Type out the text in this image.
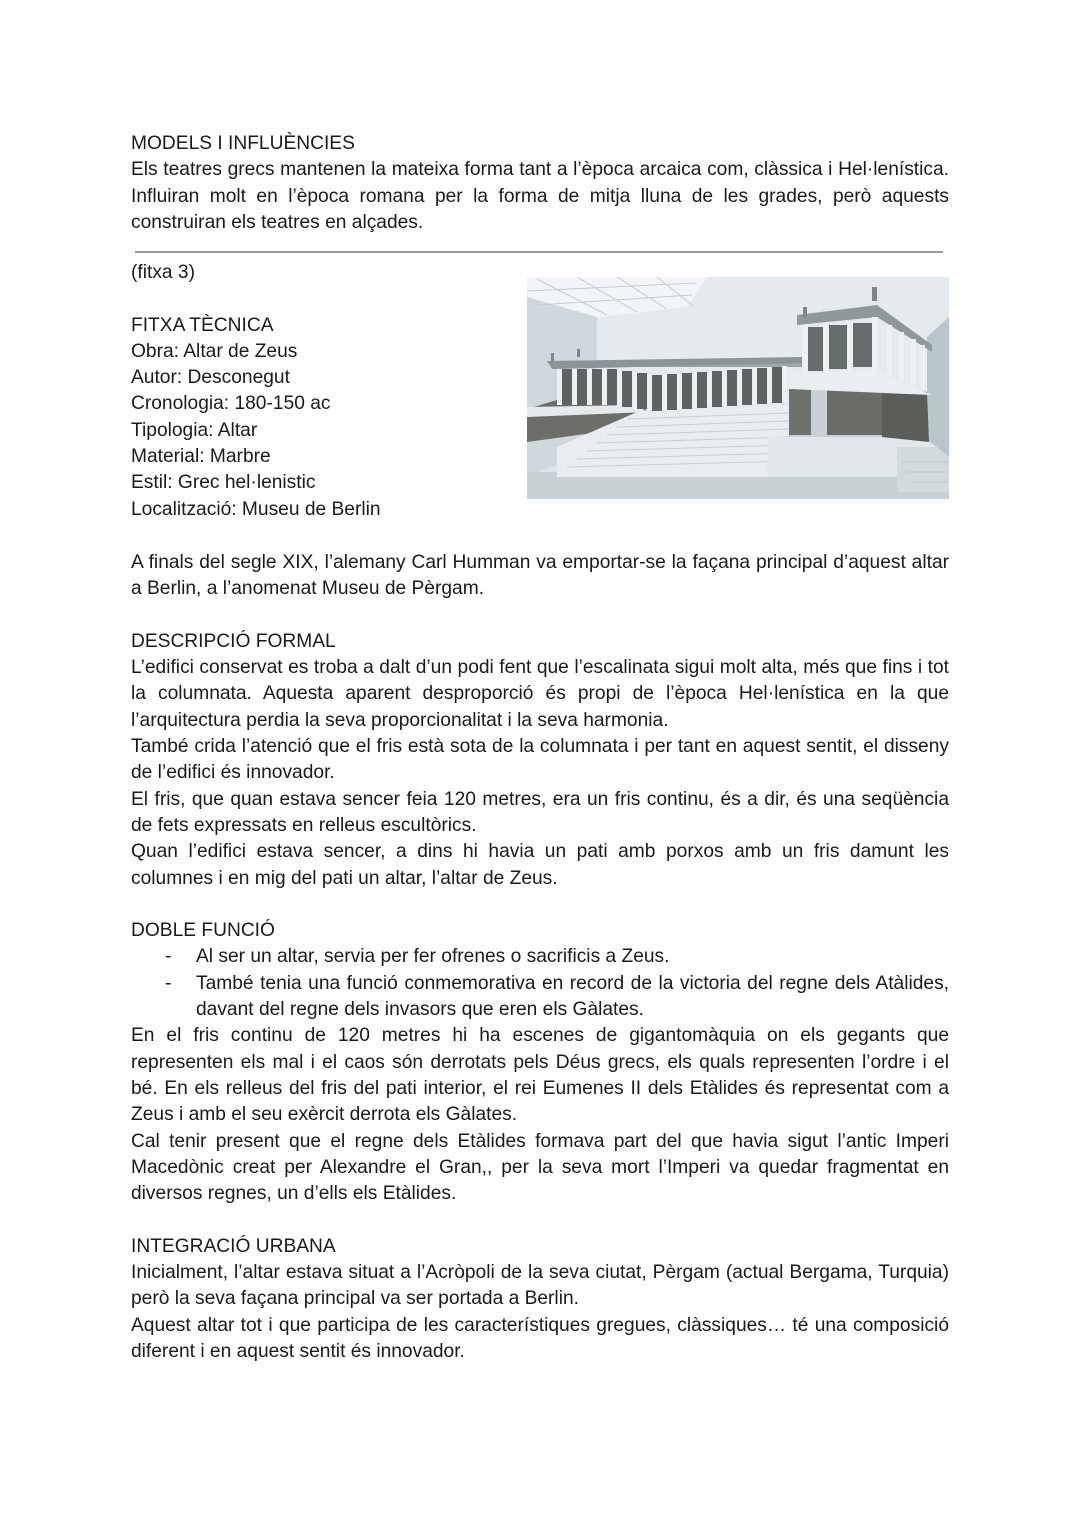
MODELS I INFLUÈNCIES

Els teatres grecs mantenen la mateixa forma tant a l’època arcaica com, clàssica i Hel·lenística. Influiran molt en l’època romana per la forma de mitja lluna de les grades, però aquests construiran els teatres en alçades.

(fitxa 3)

FITXA TÈCNICA

Obra: Altar de Zeus

Autor: Desconegut

Cronologia: 180-150 ac

Tipologia: Altar

Material: Marbre

Estil: Grec hel·lenistic

Localització: Museu de Berlin

A finals del segle XIX, l’alemany Carl Humman va emportar-se la façana principal d’aquest altar a Berlin, a l’anomenat Museu de Pèrgam.

DESCRIPCIÓ FORMAL

L’edifici conservat es troba a dalt d’un podi fent que l’escalinata sigui molt alta, més que fins i tot la columnata. Aquesta aparent desproporció és propi de l’època Hel·lenística en la que l’arquitectura perdia la seva proporcionalitat i la seva harmonia.

També crida l’atenció que el fris està sota de la columnata i per tant en aquest sentit, el disseny de l’edifici és innovador.

El fris, que quan estava sencer feia 120 metres, era un fris continu, és a dir, és una seqüència de fets expressats en relleus escultòrics.

Quan l’edifici estava sencer, a dins hi havia un pati amb porxos amb un fris damunt les columnes i en mig del pati un altar, l’altar de Zeus.

DOBLE FUNCIÓ
- Al ser un altar, servia per fer ofrenes o sacrificis a Zeus.
- També tenia una funció conmemorativa en record de la victoria del regne dels Atàlides, davant del regne dels invasors que eren els Gàlates.

En el fris continu de 120 metres hi ha escenes de gigantomàquia on els gegants que representen els mal i el caos són derrotats pels Déus grecs, els quals representen l’ordre i el bé. En els relleus del fris del pati interior, el rei Eumenes II dels Etàlides és representat com a Zeus i amb el seu exèrcit derrota els Gàlates.

Cal tenir present que el regne dels Etàlides formava part del que havia sigut l’antic Imperi Macedònic creat per Alexandre el Gran,, per la seva mort l’Imperi va quedar fragmentat en diversos regnes, un d’ells els Etàlides.

INTEGRACIÓ URBANA

Inicialment, l’altar estava situat a l’Acròpoli de la seva ciutat, Pèrgam (actual Bergama, Turquia) però la seva façana principal va ser portada a Berlin.

Aquest altar tot i que participa de les característiques gregues, clàssiques… té una composició diferent i en aquest sentit és innovador.
